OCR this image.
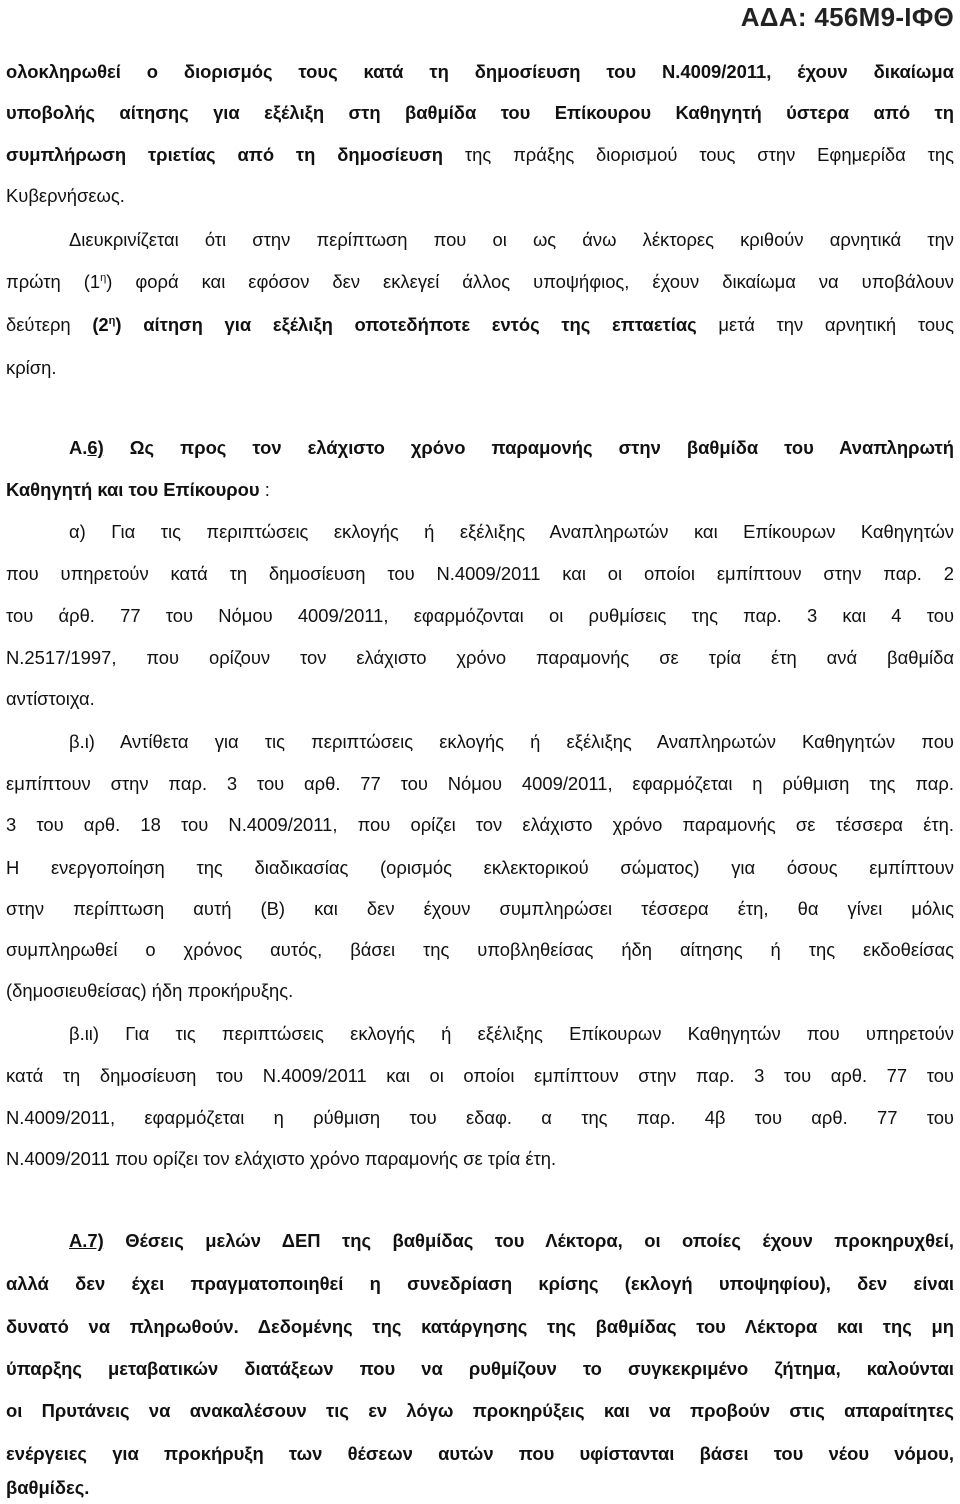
ΑΔΑ: 456Μ9-ΙΦΘ
ολοκληρωθεί ο διορισμός τους κατά τη δημοσίευση του Ν.4009/2011, έχουν δικαίωμα
υποβολής αίτησης για εξέλιξη στη βαθμίδα του Επίκουρου Καθηγητή ύστερα από τη
συμπλήρωση τριετίας από τη δημοσίευση της πράξης διορισμού τους στην Εφημερίδα της
Κυβερνήσεως.
Διευκρινίζεται ότι στην περίπτωση που οι ως άνω λέκτορες κριθούν αρνητικά την
πρώτη $(1^\eta)$ φορά και εφόσον δεν εκλεγεί άλλος υποψήφιος, έχουν δικαίωμα να υποβάλουν
δεύτερη $(2^\eta)$ αίτηση για εξέλιξη οποτεδήποτε εντός της επταετίας μετά την αρνητική τους
κρίση.
Α.6) Ως προς τον ελάχιστο χρόνο παραμονής στην βαθμίδα του Αναπληρωτή
Καθηγητή και του Επίκουρου :
α) Για τις περιπτώσεις εκλογής ή εξέλιξης Αναπληρωτών και Επίκουρων Καθηγητών
που υπηρετούν κατά τη δημοσίευση του Ν.4009/2011 και οι οποίοι εμπίπτουν στην παρ. 2
του άρθ. 77 του Νόμου 4009/2011, εφαρμόζονται οι ρυθμίσεις της παρ. 3 και 4 του
Ν.2517/1997, που ορίζουν τον ελάχιστο χρόνο παραμονής σε τρία έτη ανά βαθμίδα
αντίστοιχα.
β.ι) Αντίθετα για τις περιπτώσεις εκλογής ή εξέλιξης Αναπληρωτών Καθηγητών που
εμπίπτουν στην παρ. 3 του αρθ. 77 του Νόμου 4009/2011, εφαρμόζεται η ρύθμιση της παρ.
3 του αρθ. 18 του Ν.4009/2011, που ορίζει τον ελάχιστο χρόνο παραμονής σε τέσσερα έτη.
Η ενεργοποίηση της διαδικασίας (ορισμός εκλεκτορικού σώματος) για όσους εμπίπτουν
στην περίπτωση αυτή (Β) και δεν έχουν συμπληρώσει τέσσερα έτη, θα γίνει μόλις
συμπληρωθεί ο χρόνος αυτός, βάσει της υποβληθείσας ήδη αίτησης ή της εκδοθείσας
(δημοσιευθείσας) ήδη προκήρυξης.
β.ιι) Για τις περιπτώσεις εκλογής ή εξέλιξης Επίκουρων Καθηγητών που υπηρετούν
κατά τη δημοσίευση του Ν.4009/2011 και οι οποίοι εμπίπτουν στην παρ. 3 του αρθ. 77 του
Ν.4009/2011, εφαρμόζεται η ρύθμιση του εδαφ. α της παρ. 4β του αρθ. 77 του
Ν.4009/2011 που ορίζει τον ελάχιστο χρόνο παραμονής σε τρία έτη.
Α.7) Θέσεις μελών ΔΕΠ της βαθμίδας του Λέκτορα, οι οποίες έχουν προκηρυχθεί,
αλλά δεν έχει πραγματοποιηθεί η συνεδρίαση κρίσης (εκλογή υποψηφίου), δεν είναι
δυνατό να πληρωθούν. Δεδομένης της κατάργησης της βαθμίδας του Λέκτορα και της μη
ύπαρξης μεταβατικών διατάξεων που να ρυθμίζουν το συγκεκριμένο ζήτημα, καλούνται
οι Πρυτάνεις να ανακαλέσουν τις εν λόγω προκηρύξεις και να προβούν στις απαραίτητες
ενέργειες για προκήρυξη των θέσεων αυτών που υφίστανται βάσει του νέου νόμου,
βαθμίδες.
